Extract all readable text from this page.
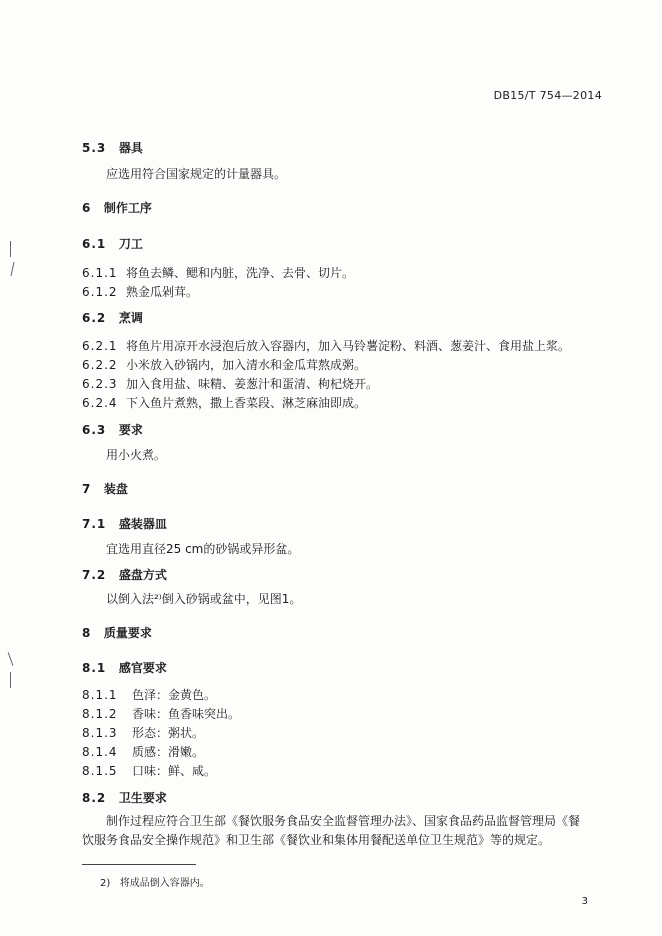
DB15/T 754—2014
5.3 器具
应选用符合国家规定的计量器具。
6 制作工序
6.1 刀工
6.1.1 将鱼去鳞、鳃和内脏，洗净、去骨、切片。
6.1.2 熟金瓜剁茸。
6.2 烹调
6.2.1 将鱼片用凉开水浸泡后放入容器内，加入马铃薯淀粉、料酒、葱姜汁、食用盐上浆。
6.2.2 小米放入砂锅内，加入清水和金瓜茸熬成粥。
6.2.3 加入食用盐、味精、姜葱汁和蛋清、枸杞烧开。
6.2.4 下入鱼片煮熟，撒上香菜段、淋芝麻油即成。
6.3 要求
用小火煮。
7 装盘
7.1 盛装器皿
宜选用直径25 cm的砂锅或异形盆。
7.2 盛盘方式
以倒入法²⁾倒入砂锅或盆中，见图1。
8 质量要求
8.1 感官要求
8.1.1 色泽：金黄色。
8.1.2 香味：鱼香味突出。
8.1.3 形态：粥状。
8.1.4 质感：滑嫩。
8.1.5 口味：鲜、咸。
8.2 卫生要求
制作过程应符合卫生部《餐饮服务食品安全监督管理办法》、国家食品药品监督管理局《餐饮服务食品安全操作规范》和卫生部《餐饮业和集体用餐配送单位卫生规范》等的规定。
2) 将成品倒入容器内。
3
